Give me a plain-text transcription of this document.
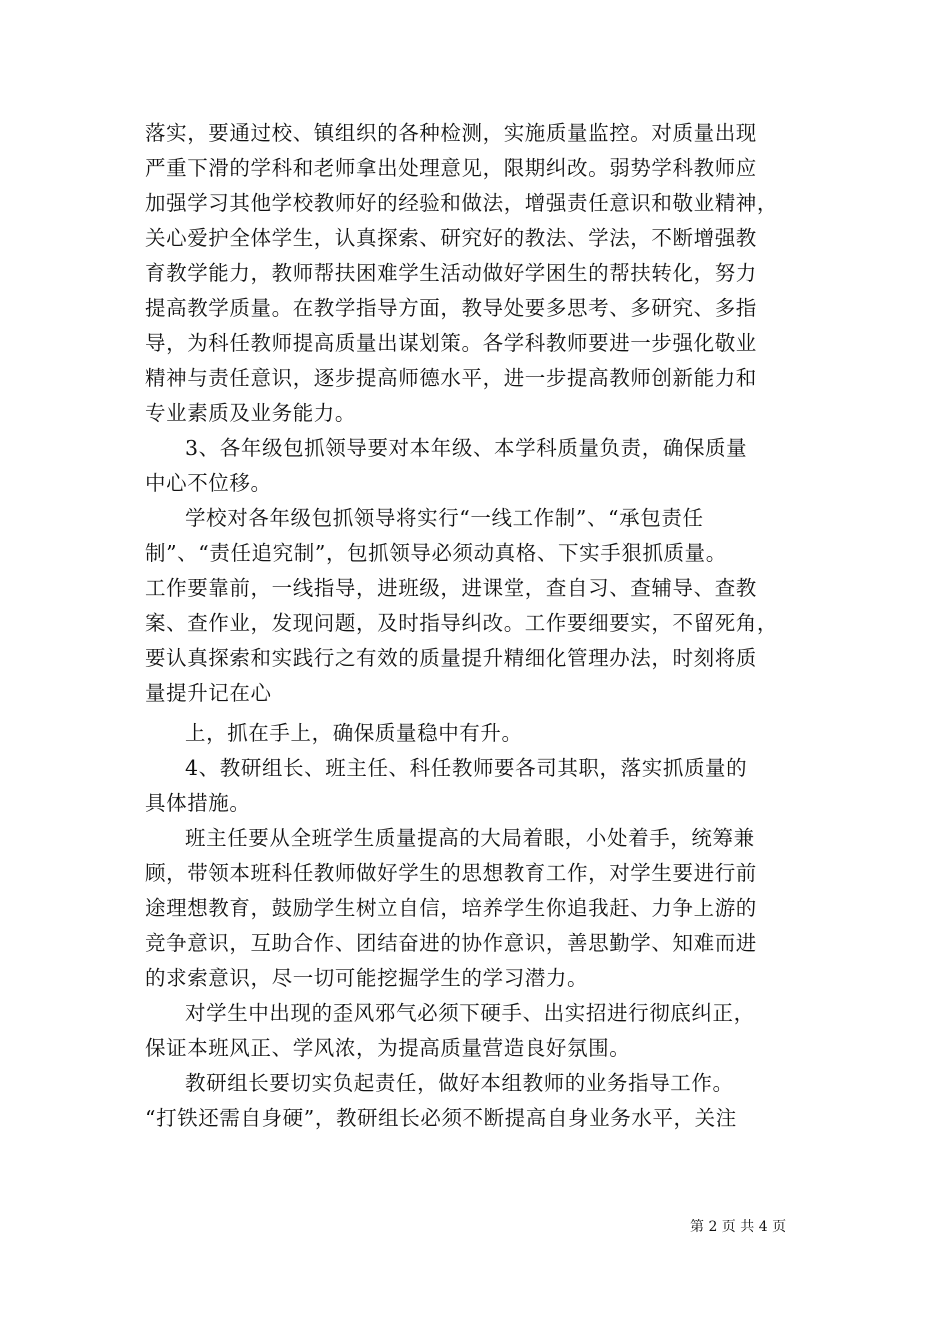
落实，要通过校、镇组织的各种检测，实施质量监控。对质量出现
严重下滑的学科和老师拿出处理意见，限期纠改。弱势学科教师应
加强学习其他学校教师好的经验和做法，增强责任意识和敬业精神，
关心爱护全体学生，认真探索、研究好的教法、学法，不断增强教
育教学能力，教师帮扶困难学生活动做好学困生的帮扶转化，努力
提高教学质量。在教学指导方面，教导处要多思考、多研究、多指
导，为科任教师提高质量出谋划策。各学科教师要进一步强化敬业
精神与责任意识，逐步提高师德水平，进一步提高教师创新能力和
专业素质及业务能力。
3、各年级包抓领导要对本年级、本学科质量负责，确保质量
中心不位移。
学校对各年级包抓领导将实行“一线工作制”、“承包责任
制”、“责任追究制”，包抓领导必须动真格、下实手狠抓质量。
工作要靠前，一线指导，进班级，进课堂，查自习、查辅导、查教
案、查作业，发现问题，及时指导纠改。工作要细要实，不留死角，
要认真探索和实践行之有效的质量提升精细化管理办法，时刻将质
量提升记在心
上，抓在手上，确保质量稳中有升。
4、教研组长、班主任、科任教师要各司其职，落实抓质量的
具体措施。
班主任要从全班学生质量提高的大局着眼，小处着手，统筹兼
顾，带领本班科任教师做好学生的思想教育工作，对学生要进行前
途理想教育，鼓励学生树立自信，培养学生你追我赶、力争上游的
竞争意识，互助合作、团结奋进的协作意识，善思勤学、知难而进
的求索意识，尽一切可能挖掘学生的学习潜力。
对学生中出现的歪风邪气必须下硬手、出实招进行彻底纠正，
保证本班风正、学风浓，为提高质量营造良好氛围。
教研组长要切实负起责任，做好本组教师的业务指导工作。
“打铁还需自身硬”，教研组长必须不断提高自身业务水平，关注
第 2 页 共 4 页
